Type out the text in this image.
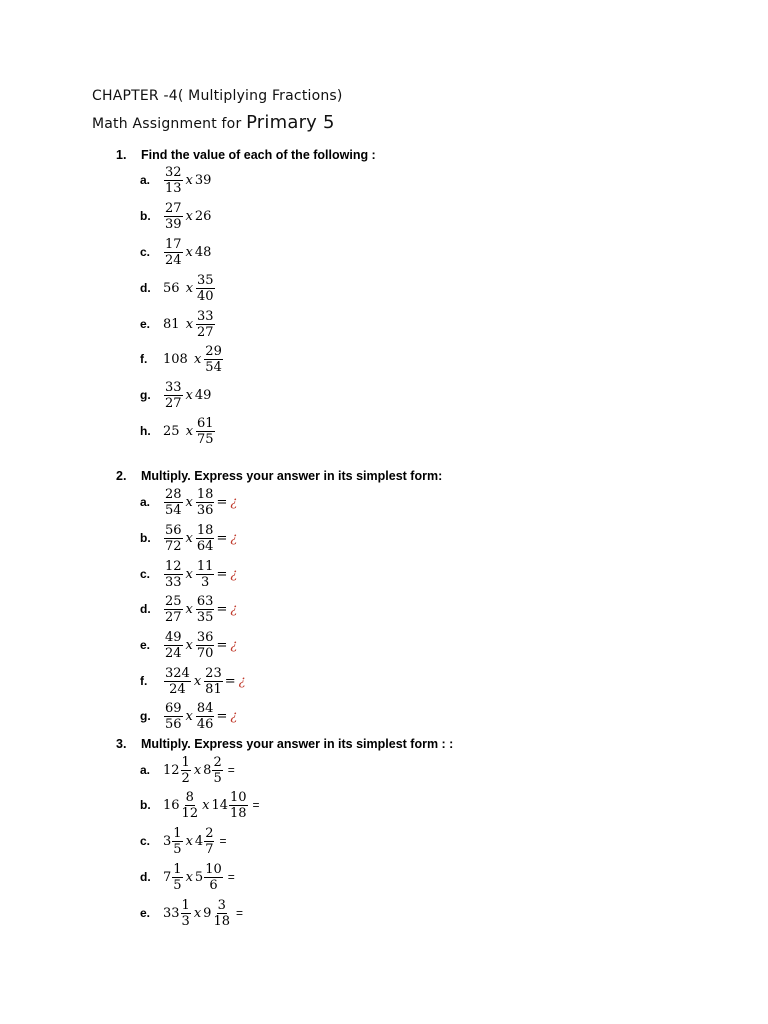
CHAPTER -4( Multiplying Fractions)
Math Assignment for Primary 5
1. Find the value of each of the following :
a.	$\frac{32}{13}$ x 39
b.	$\frac{27}{39}$ x 26
c.	$\frac{17}{24}$ x 48
d. 56 x $\frac{35}{40}$
e. 81 x $\frac{33}{27}$
f.	108 x $\frac{29}{54}$
g.	$\frac{33}{27}$ x 49
h. 25 x $\frac{61}{75}$
2. Multiply. Express your answer in its simplest form:
a.	$\frac{28}{54}$ x $\frac{18}{36}$ = ¿
b.	$\frac{56}{72}$ x $\frac{18}{64}$ = ¿
c.	$\frac{12}{33}$ x $\frac{11}{3}$ = ¿
d.	$\frac{25}{27}$ x $\frac{63}{35}$ = ¿
e.	$\frac{49}{24}$ x $\frac{36}{70}$ = ¿
f.	$\frac{324}{24}$ x $\frac{23}{81}$ = ¿
g.	$\frac{69}{56}$ x $\frac{84}{46}$ = ¿
3. Multiply. Express your answer in its simplest form : :
a. $12 \frac{1}{2}$ x $8 \frac{2}{5}$ =
b. $16 \frac{8}{12}$ x $14 \frac{10}{18}$ =
c. $3 \frac{1}{5}$ x $4 \frac{2}{7}$ =
d. $7 \frac{1}{5}$ x $5 \frac{10}{6}$ =
e. $33 \frac{1}{3}$ x $9 \frac{3}{18}$ =
